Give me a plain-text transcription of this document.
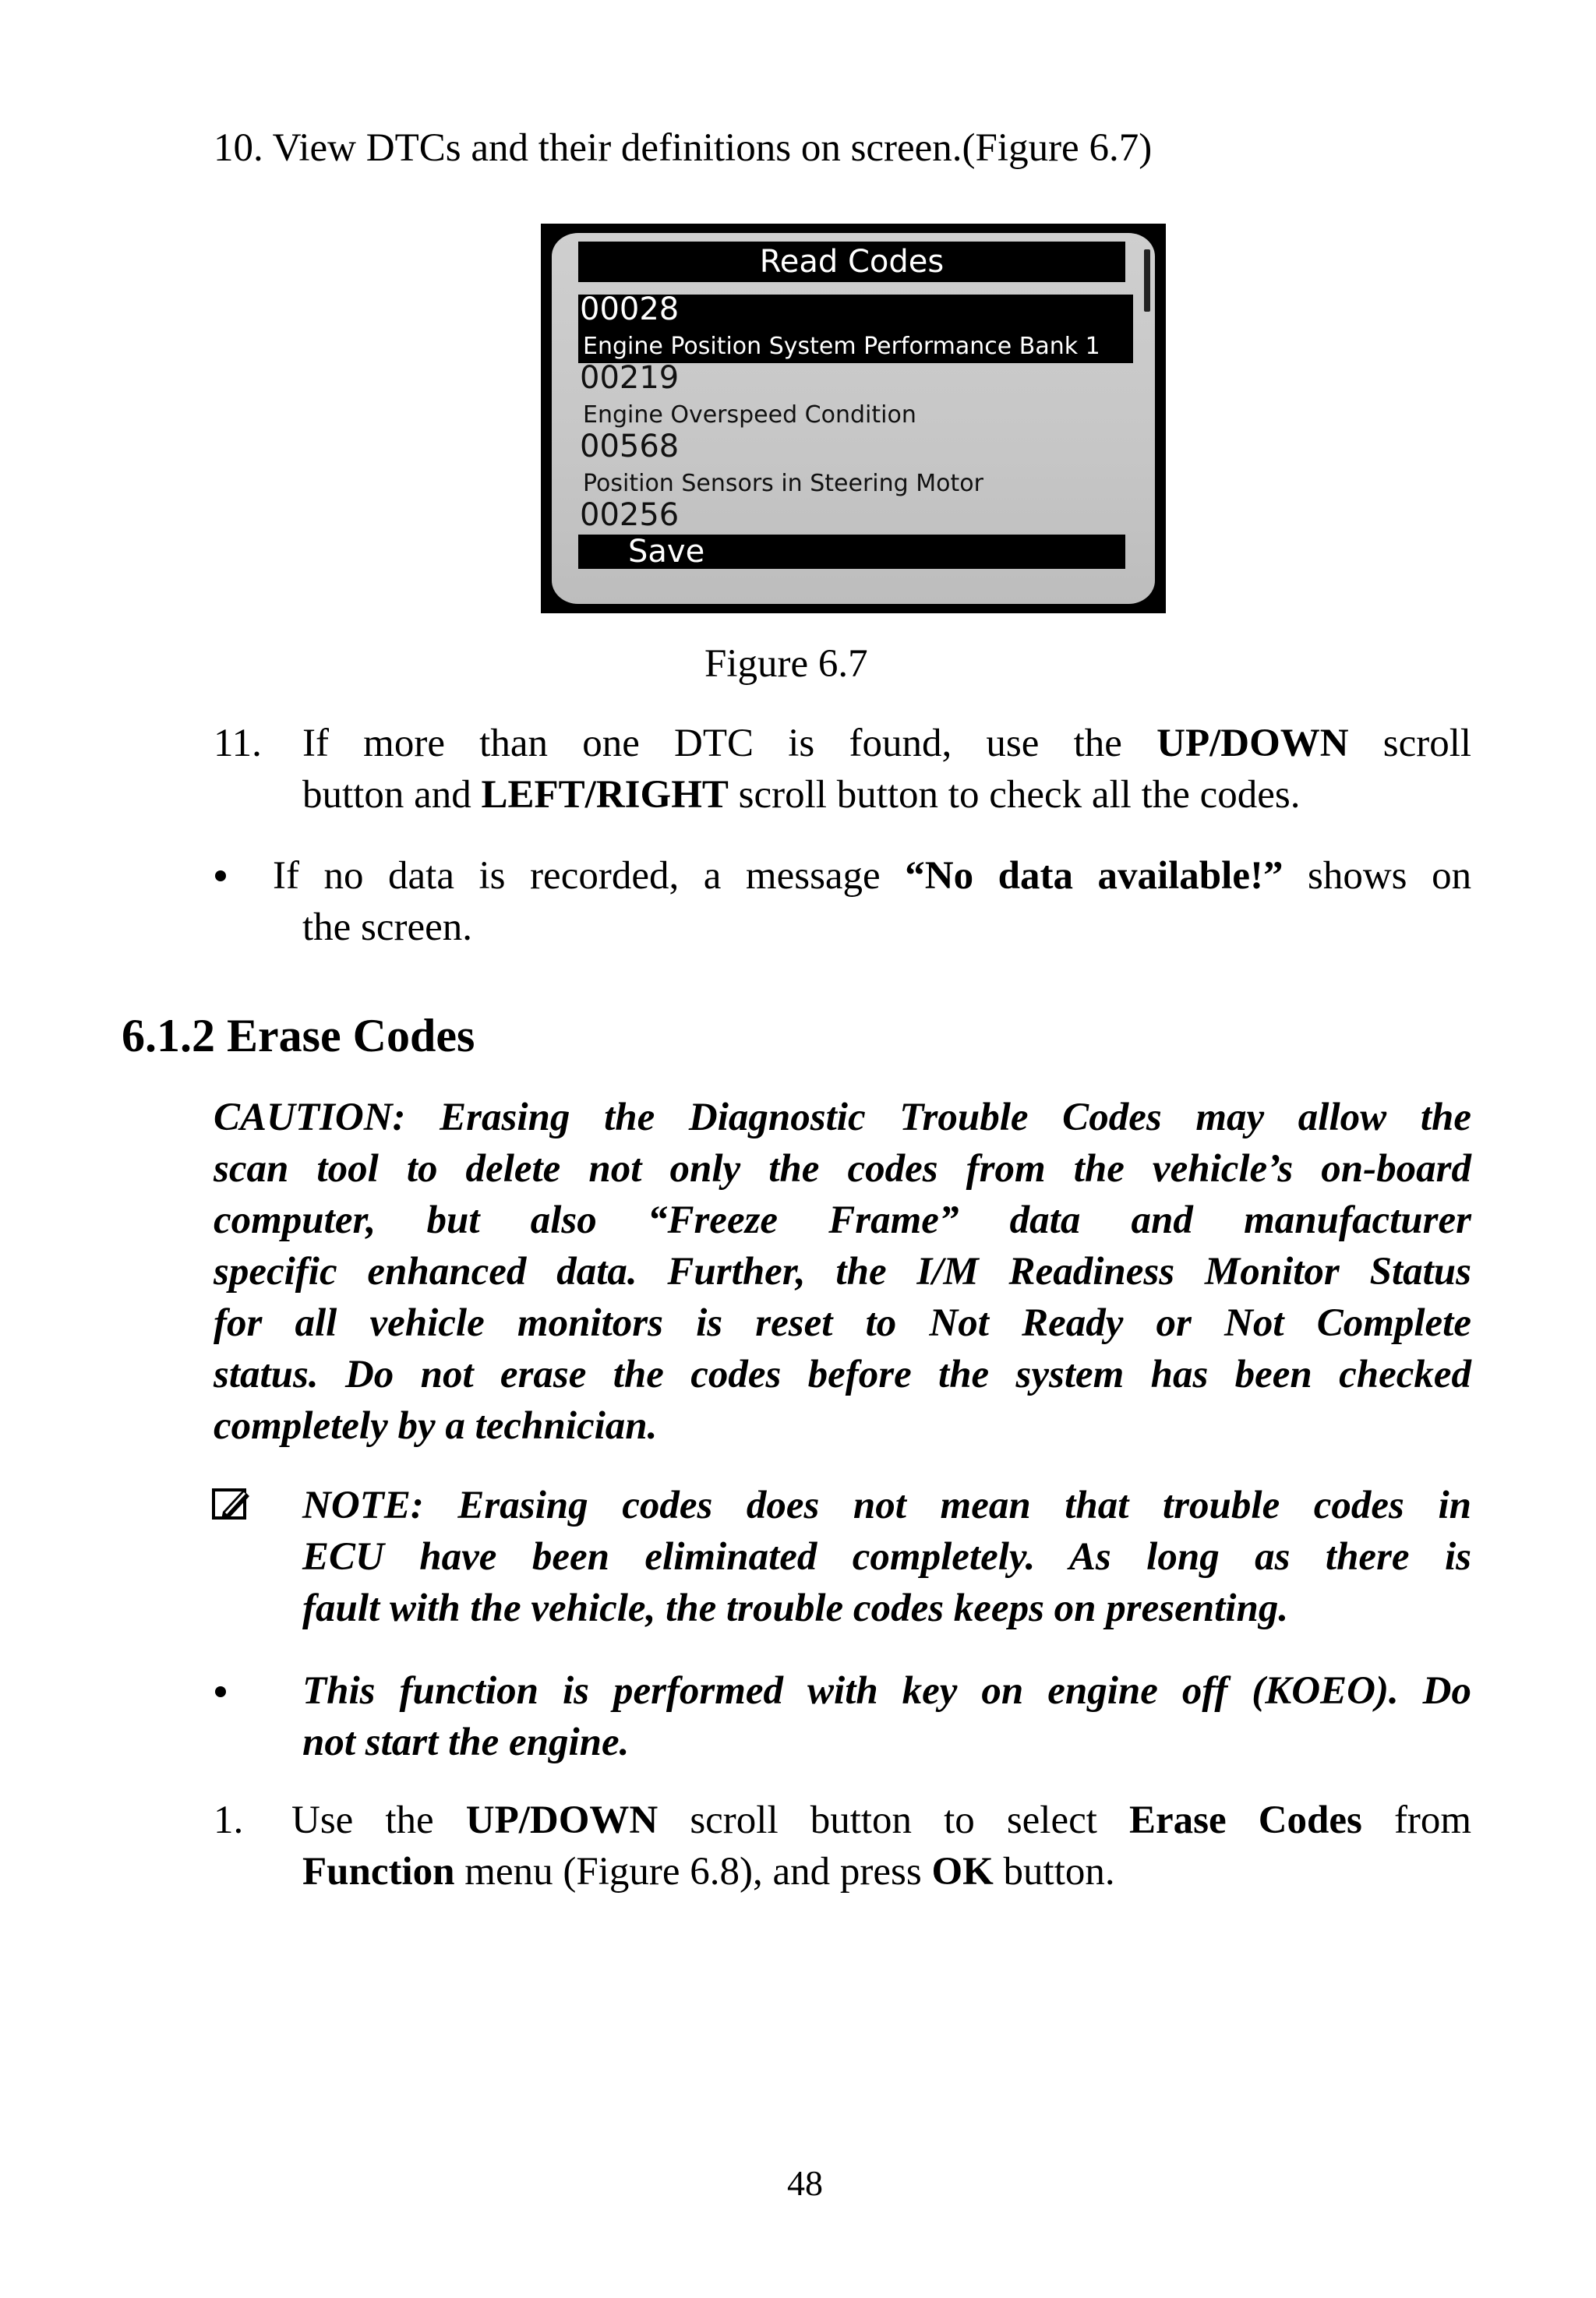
10. View DTCs and their definitions on screen.(Figure 6.7)
Read Codes
00028
Engine Position System Performance Bank 1
00219
Engine Overspeed Condition
00568
Position Sensors in Steering Motor
00256
Save
Figure 6.7
11. If more than one DTC is found, use the UP/DOWN scroll
button and LEFT/RIGHT scroll button to check all the codes.
If no data is recorded, a message “No data available!” shows on
the screen.
6.1.2 Erase Codes
CAUTION: Erasing the Diagnostic Trouble Codes may allow the
scan tool to delete not only the codes from the vehicle’s on-board
computer, but also “Freeze Frame” data and manufacturer
specific enhanced data. Further, the I/M Readiness Monitor Status
for all vehicle monitors is reset to Not Ready or Not Complete
status. Do not erase the codes before the system has been checked
completely by a technician.
NOTE: Erasing codes does not mean that trouble codes in
ECU have been eliminated completely. As long as there is
fault with the vehicle, the trouble codes keeps on presenting.
This function is performed with key on engine off (KOEO). Do
not start the engine.
1. Use the UP/DOWN scroll button to select Erase Codes from
Function menu (Figure 6.8), and press OK button.
48
